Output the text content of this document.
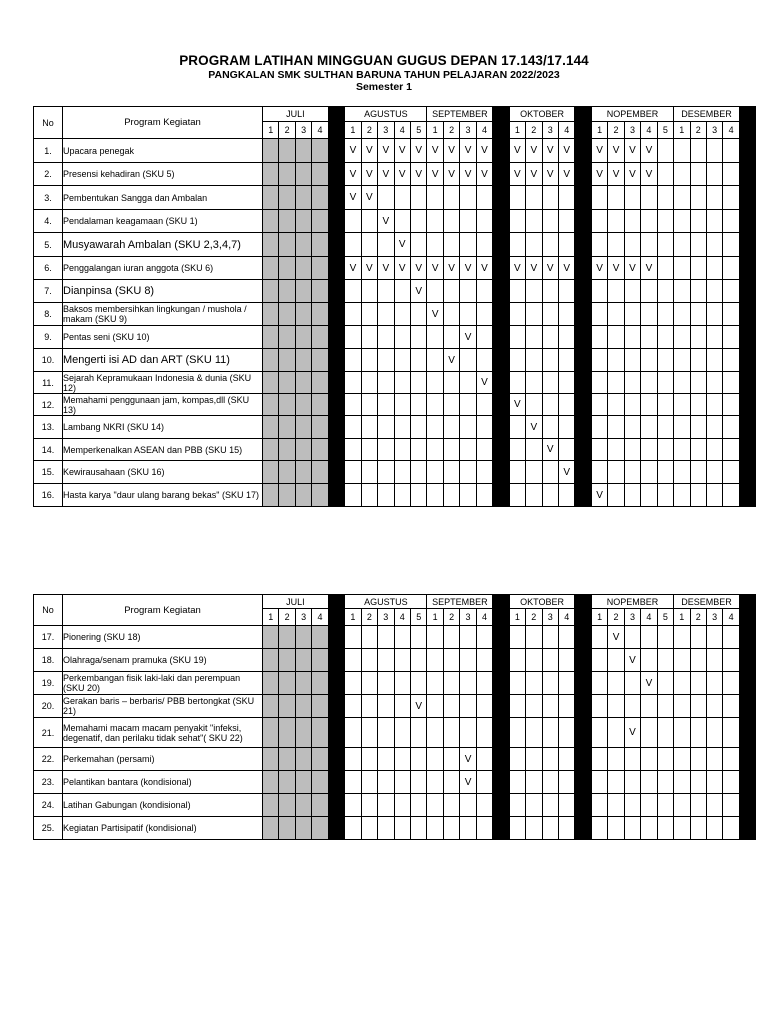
PROGRAM LATIHAN MINGGUAN GUGUS DEPAN 17.143/17.144
PANGKALAN SMK SULTHAN BARUNA TAHUN PELAJARAN 2022/2023
Semester 1
No	Program Kegiatan	JULI					AGUSTUS					SEPTEMBER					OKTOBER					NOPEMBER					DESEMBER				
		1	2	3	4		1	2	3	4	5	1	2	3	4		1	2	3	4		1	2	3	4	5	1	2	3	4	
1.	Upacara penegak						V	V	V	V	V	V	V	V	V		V	V	V	V		V	V	V	V						
2.	Presensi kehadiran (SKU 5)						V	V	V	V	V	V	V	V	V		V	V	V	V		V	V	V	V						
3.	Pembentukan Sangga dan Ambalan						V	V																							
4.	Pendalaman keagamaan (SKU 1)								V																						
5.	Musyawarah Ambalan (SKU 2,3,4,7)									V																					
6.	Penggalangan iuran anggota (SKU 6)						V	V	V	V	V	V	V	V	V		V	V	V	V		V	V	V	V						
7.	Dianpinsa (SKU 8)										V																				
8.	Baksos membersihkan lingkungan / mushola / makam (SKU 9)											V																			
9.	Pentas seni (SKU 10)													V																	
10.	Mengerti isi AD dan ART (SKU 11)												V																		
11.	Sejarah Kepramukaan Indonesia & dunia (SKU 12)														V																
12.	Memahami penggunaan jam, kompas,dll (SKU 13)																V														
13.	Lambang NKRI (SKU 14)																	V													
14.	Memperkenalkan ASEAN dan PBB (SKU 15)																		V												
15.	Kewirausahaan (SKU 16)																			V											
16.	Hasta karya "daur ulang barang bekas" (SKU 17)																					V									
No	Program Kegiatan	JULI					AGUSTUS					SEPTEMBER					OKTOBER					NOPEMBER					DESEMBER				
		1	2	3	4		1	2	3	4	5	1	2	3	4		1	2	3	4		1	2	3	4	5	1	2	3	4	
17.	Pionering (SKU 18)																						V								
18.	Olahraga/senam pramuka (SKU 19)																							V							
19.	Perkembangan fisik laki-laki dan perempuan (SKU 20)																								V						
20.	Gerakan baris – berbaris/ PBB bertongkat (SKU 21)										V																				
21.	Memahami macam macam penyakit "infeksi, degenatif, dan perilaku tidak sehat"( SKU 22)																							V							
22.	Perkemahan (persami)													V																	
23.	Pelantikan bantara (kondisional)													V																	
24.	Latihan Gabungan (kondisional)																														
25.	Kegiatan Partisipatif (kondisional)																														
